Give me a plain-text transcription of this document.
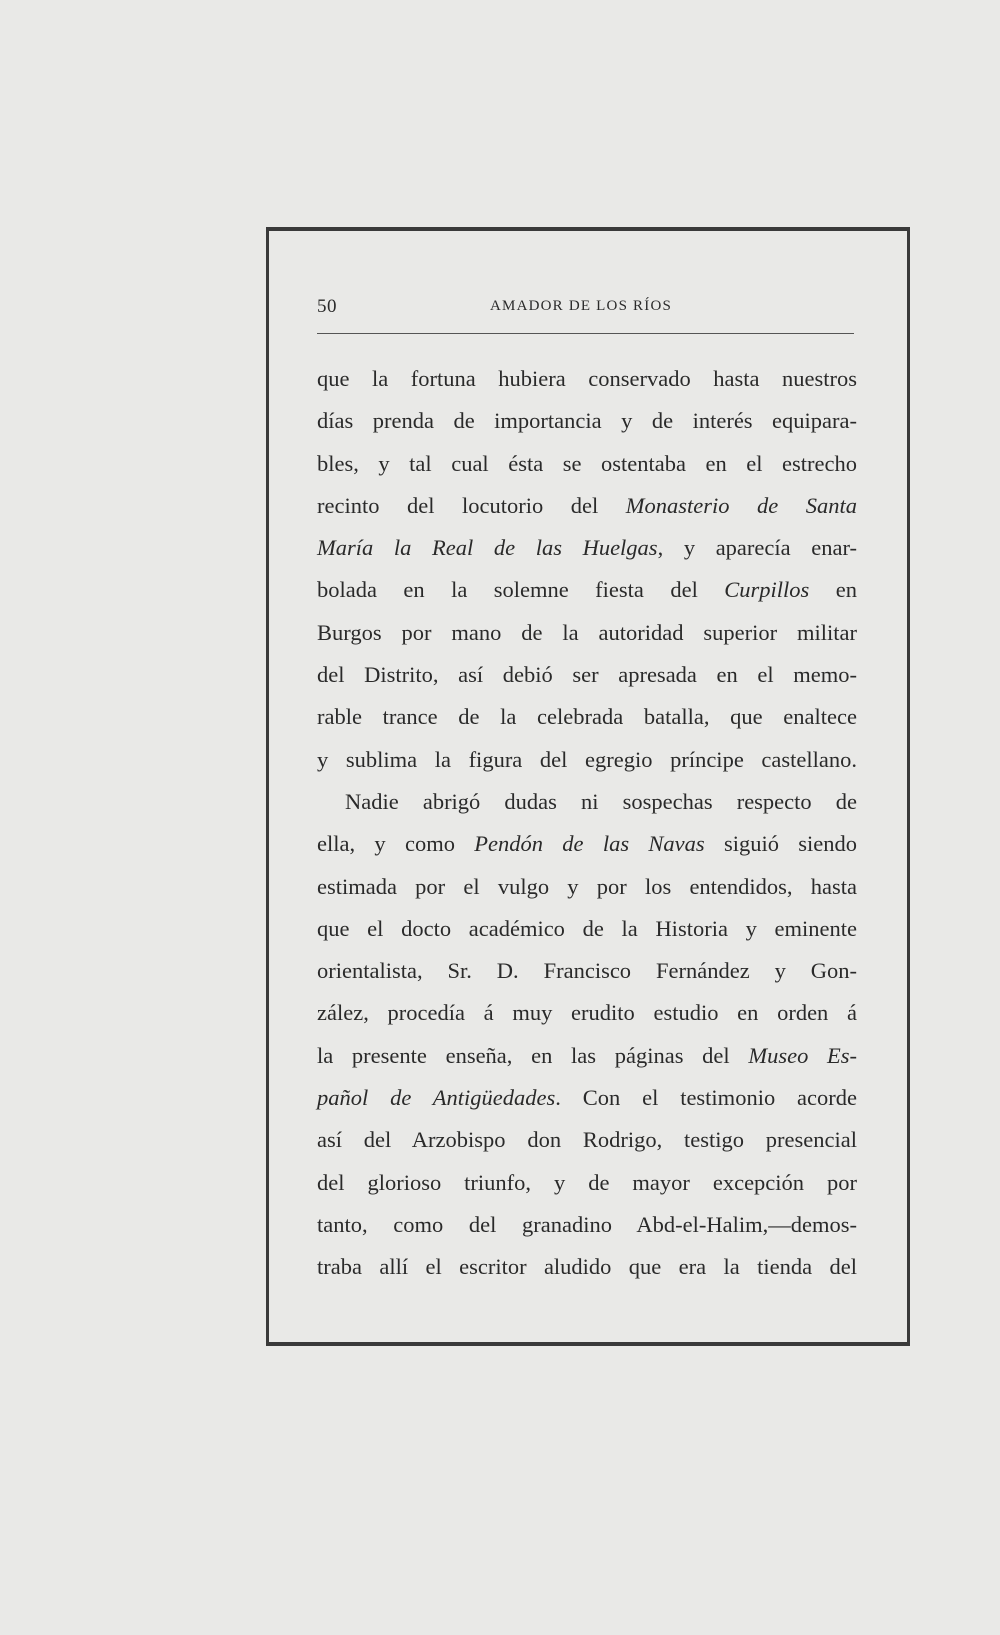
50	AMADOR DE LOS RÍOS
que la fortuna hubiera conservado hasta nuestros
días prenda de importancia y de interés equipara-
bles, y tal cual ésta se ostentaba en el estrecho
recinto del locutorio del Monasterio de Santa
María la Real de las Huelgas, y aparecía enar-
bolada en la solemne fiesta del Curpillos en
Burgos por mano de la autoridad superior militar
del Distrito, así debió ser apresada en el memo-
rable trance de la celebrada batalla, que enaltece
y sublima la figura del egregio príncipe castellano.
Nadie abrigó dudas ni sospechas respecto de
ella, y como Pendón de las Navas siguió siendo
estimada por el vulgo y por los entendidos, hasta
que el docto académico de la Historia y eminente
orientalista, Sr. D. Francisco Fernández y Gon-
zález, procedía á muy erudito estudio en orden á
la presente enseña, en las páginas del Museo Es-
pañol de Antigüedades. Con el testimonio acorde
así del Arzobispo don Rodrigo, testigo presencial
del glorioso triunfo, y de mayor excepción por
tanto, como del granadino Abd-el-Halim,—demos-
traba allí el escritor aludido que era la tienda del
